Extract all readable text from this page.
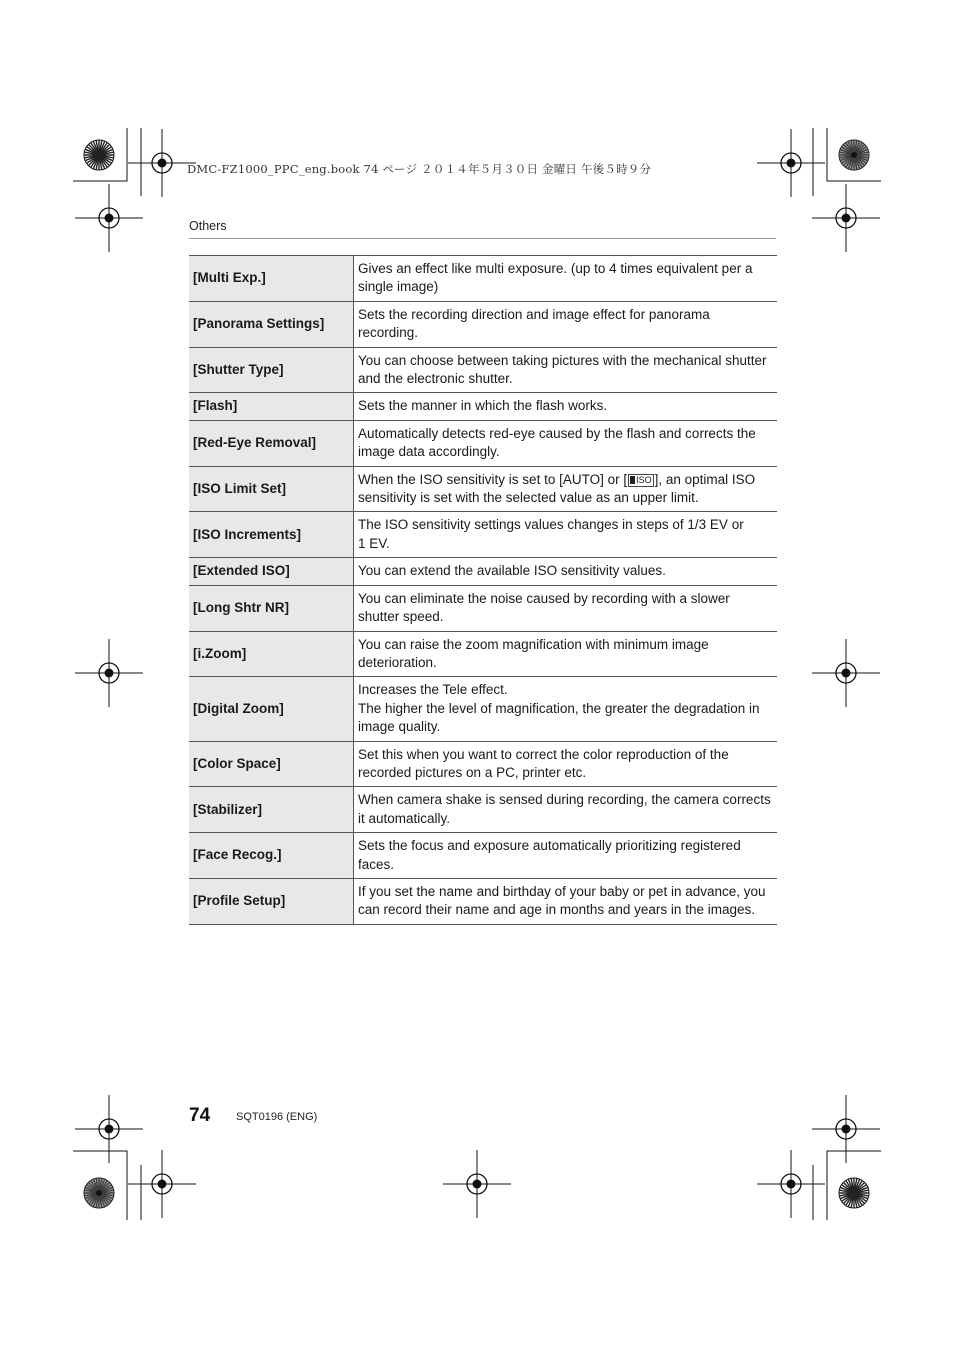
DMC-FZ1000_PPC_eng.book 74 ページ ２０１４年５月３０日 金曜日 午後５時９分
Others
[Multi Exp.]	Gives an effect like multi exposure. (up to 4 times equivalent per a single image)
[Panorama Settings]	Sets the recording direction and image effect for panorama recording.
[Shutter Type]	You can choose between taking pictures with the mechanical shutter and the electronic shutter.
[Flash]	Sets the manner in which the flash works.
[Red-Eye Removal]	Automatically detects red-eye caused by the flash and corrects the image data accordingly.
[ISO Limit Set]	When the ISO sensitivity is set to [AUTO] or [ ISO ], an optimal ISO sensitivity is set with the selected value as an upper limit.
[ISO Increments]	The ISO sensitivity settings values changes in steps of 1/3 EV or
1 EV.
[Extended ISO]	You can extend the available ISO sensitivity values.
[Long Shtr NR]	You can eliminate the noise caused by recording with a slower shutter speed.
[i.Zoom]	You can raise the zoom magnification with minimum image deterioration.
[Digital Zoom]	Increases the Tele effect.
The higher the level of magnification, the greater the degradation in image quality.
[Color Space]	Set this when you want to correct the color reproduction of the recorded pictures on a PC, printer etc.
[Stabilizer]	When camera shake is sensed during recording, the camera corrects it automatically.
[Face Recog.]	Sets the focus and exposure automatically prioritizing registered faces.
[Profile Setup]	If you set the name and birthday of your baby or pet in advance, you can record their name and age in months and years in the images.
74 SQT0196 (ENG)
